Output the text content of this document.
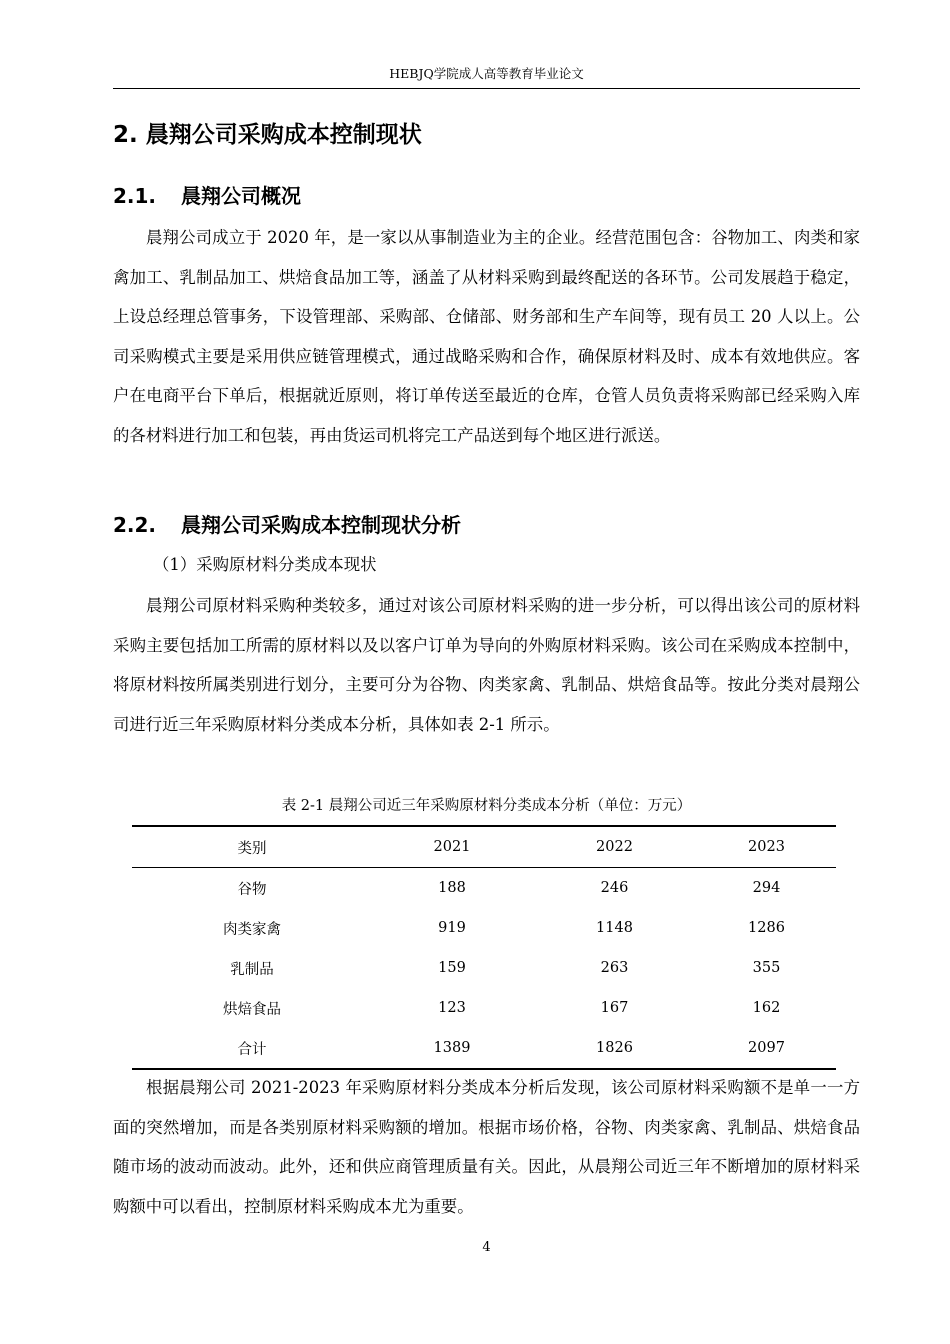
HEBJQ学院成人高等教育毕业论文
2. 晨翔公司采购成本控制现状
2.1. 晨翔公司概况

晨翔公司成立于 2020 年，是一家以从事制造业为主的企业。经营范围包含：谷物加工、肉类和家禽加工、乳制品加工、烘焙食品加工等，涵盖了从材料采购到最终配送的各环节。公司发展趋于稳定，上设总经理总管事务，下设管理部、采购部、仓储部、财务部和生产车间等，现有员工 20 人以上。公司采购模式主要是采用供应链管理模式，通过战略采购和合作，确保原材料及时、成本有效地供应。客户在电商平台下单后，根据就近原则，将订单传送至最近的仓库，仓管人员负责将采购部已经采购入库的各材料进行加工和包装，再由货运司机将完工产品送到每个地区进行派送。

2.2. 晨翔公司采购成本控制现状分析

（1）采购原材料分类成本现状

晨翔公司原材料采购种类较多，通过对该公司原材料采购的进一步分析，可以得出该公司的原材料采购主要包括加工所需的原材料以及以客户订单为导向的外购原材料采购。该公司在采购成本控制中，将原材料按所属类别进行划分，主要可分为谷物、肉类家禽、乳制品、烘焙食品等。按此分类对晨翔公司进行近三年采购原材料分类成本分析，具体如表 2-1 所示。

表 2-1 晨翔公司近三年采购原材料分类成本分析（单位：万元）

类别	2021	2022	2023
谷物	188	246	294
肉类家禽	919	1148	1286
乳制品	159	263	355
烘焙食品	123	167	162
合计	1389	1826	2097

根据晨翔公司 2021-2023 年采购原材料分类成本分析后发现，该公司原材料采购额不是单一一方面的突然增加，而是各类别原材料采购额的增加。根据市场价格，谷物、肉类家禽、乳制品、烘焙食品随市场的波动而波动。此外，还和供应商管理质量有关。因此，从晨翔公司近三年不断增加的原材料采购额中可以看出，控制原材料采购成本尤为重要。

4
